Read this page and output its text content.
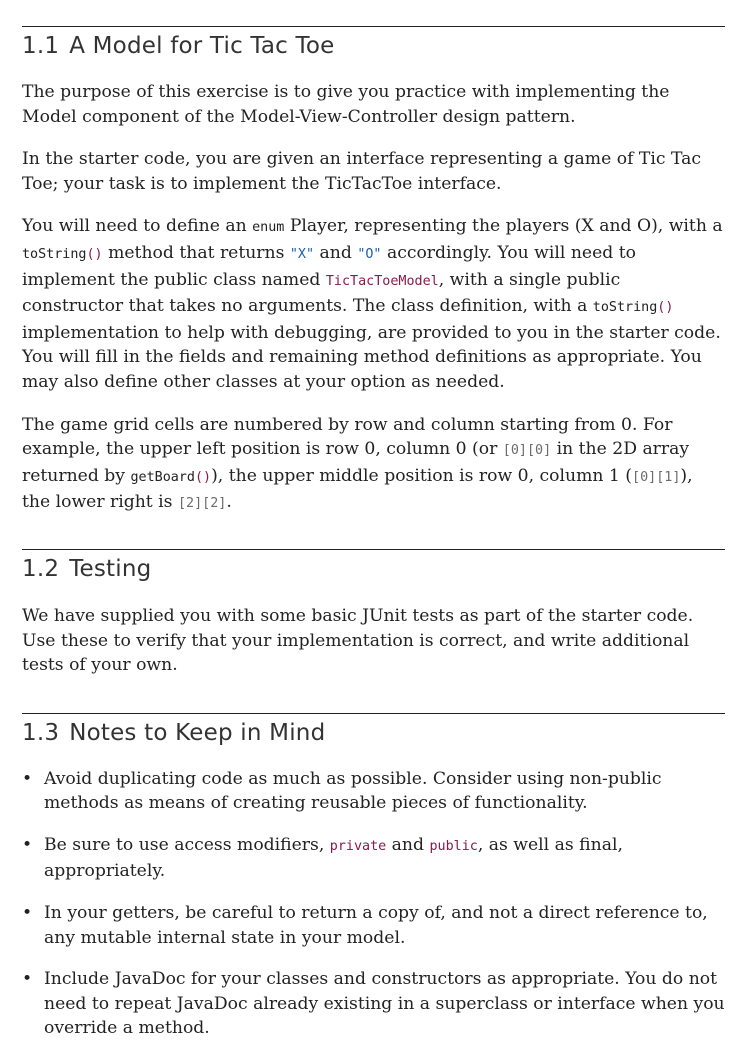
1.1 A Model for Tic Tac Toe

The purpose of this exercise is to give you practice with implementing the Model component of the Model-View-Controller design pattern.

In the starter code, you are given an interface representing a game of Tic Tac Toe; your task is to implement the TicTacToe interface.

You will need to define an enum Player, representing the players (X and O), with a toString() method that returns "X" and "O" accordingly. You will need to implement the public class named TicTacToeModel, with a single public constructor that takes no arguments. The class definition, with a toString() implementation to help with debugging, are provided to you in the starter code. You will fill in the fields and remaining method definitions as appropriate. You may also define other classes at your option as needed.

The game grid cells are numbered by row and column starting from 0. For example, the upper left position is row 0, column 0 (or [0][0] in the 2D array returned by getBoard()), the upper middle position is row 0, column 1 ([0][1]), the lower right is [2][2].

1.2 Testing

We have supplied you with some basic JUnit tests as part of the starter code. Use these to verify that your implementation is correct, and write additional tests of your own.

1.3 Notes to Keep in Mind
• Avoid duplicating code as much as possible. Consider using non-public methods as means of creating reusable pieces of functionality.
• Be sure to use access modifiers, private and public, as well as final, appropriately.
• In your getters, be careful to return a copy of, and not a direct reference to, any mutable internal state in your model.
• Include JavaDoc for your classes and constructors as appropriate. You do not need to repeat JavaDoc already existing in a superclass or interface when you override a method.
